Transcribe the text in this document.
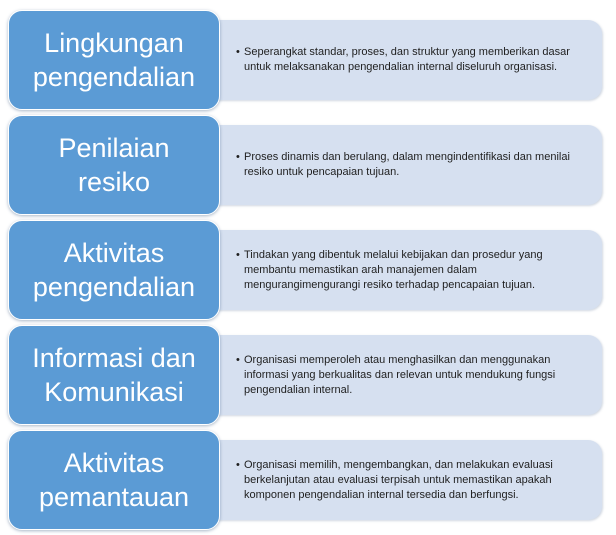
• Seperangkat standar, proses, dan struktur yang memberikan dasar untuk melaksanakan pengendalian internal diseluruh organisasi.
Lingkungan
pengendalian
• Proses dinamis dan berulang, dalam mengindentifikasi dan menilai resiko untuk pencapaian tujuan.
Penilaian
resiko
• Tindakan yang dibentuk melalui kebijakan dan prosedur yang membantu memastikan arah manajemen dalam mengurangimengurangi resiko terhadap pencapaian tujuan.
Aktivitas
pengendalian
• Organisasi memperoleh atau menghasilkan dan menggunakan informasi yang berkualitas dan relevan untuk mendukung fungsi pengendalian internal.
Informasi dan
Komunikasi
• Organisasi memilih, mengembangkan, dan melakukan evaluasi berkelanjutan atau evaluasi terpisah untuk memastikan apakah komponen pengendalian internal tersedia dan berfungsi.
Aktivitas
pemantauan
